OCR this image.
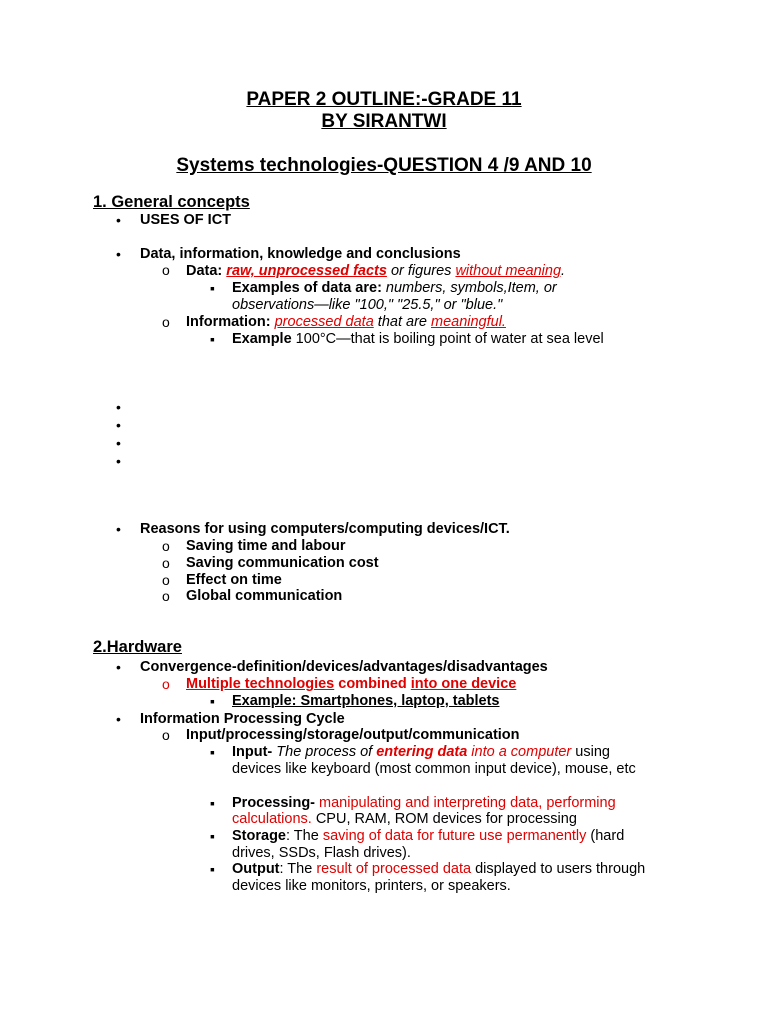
PAPER 2 OUTLINE:-GRADE 11
BY SIRANTWI
Systems technologies-QUESTION 4 /9 AND 10
1. General concepts
• USES OF ICT
• Data, information, knowledge and conclusions
o Data: raw, unprocessed facts or figures without meaning.
▪ Examples of data are: numbers, symbols,Item, or
observations—like "100," "25.5," or "blue."
o Information: processed data that are meaningful.
▪ Example 100°C—that is boiling point of water at sea level
•
•
•
•
• Reasons for using computers/computing devices/ICT.
o Saving time and labour
o Saving communication cost
o Effect on time
o Global communication
2.Hardware
• Convergence-definition/devices/advantages/disadvantages
o Multiple technologies combined into one device
▪ Example: Smartphones, laptop, tablets
• Information Processing Cycle
o Input/processing/storage/output/communication
▪ Input- The process of entering data into a computer using
devices like keyboard (most common input device), mouse, etc
▪ Processing- manipulating and interpreting data, performing
calculations. CPU, RAM, ROM devices for processing
▪ Storage: The saving of data for future use permanently (hard
drives, SSDs, Flash drives).
▪ Output: The result of processed data displayed to users through
devices like monitors, printers, or speakers.
